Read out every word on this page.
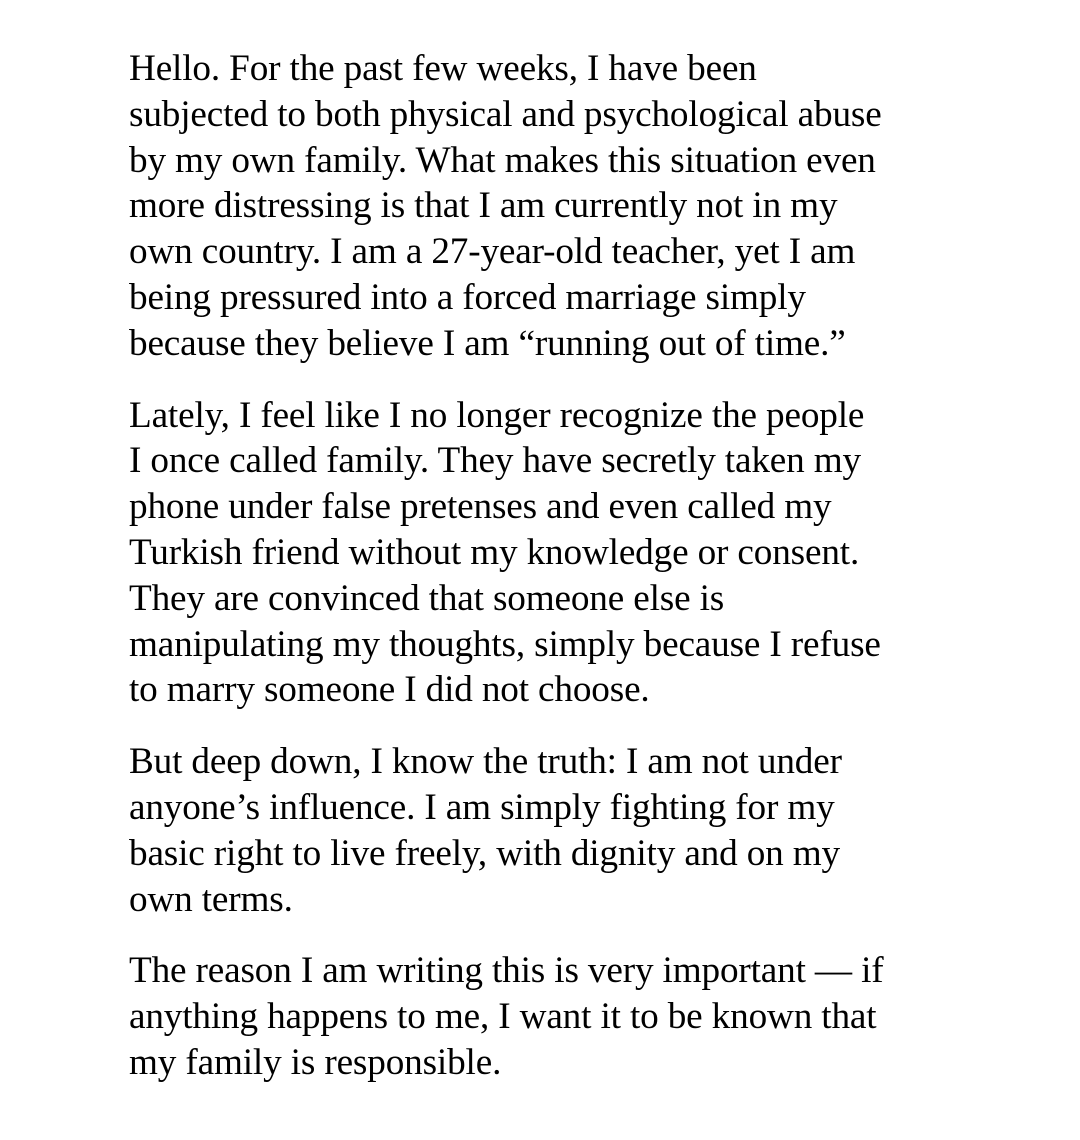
Hello. For the past few weeks, I have been
subjected to both physical and psychological abuse
by my own family. What makes this situation even
more distressing is that I am currently not in my
own country. I am a 27-year-old teacher, yet I am
being pressured into a forced marriage simply
because they believe I am “running out of time.”

Lately, I feel like I no longer recognize the people
I once called family. They have secretly taken my
phone under false pretenses and even called my
Turkish friend without my knowledge or consent.
They are convinced that someone else is
manipulating my thoughts, simply because I refuse
to marry someone I did not choose.

But deep down, I know the truth: I am not under
anyone’s influence. I am simply fighting for my
basic right to live freely, with dignity and on my
own terms.

The reason I am writing this is very important — if
anything happens to me, I want it to be known that
my family is responsible.
